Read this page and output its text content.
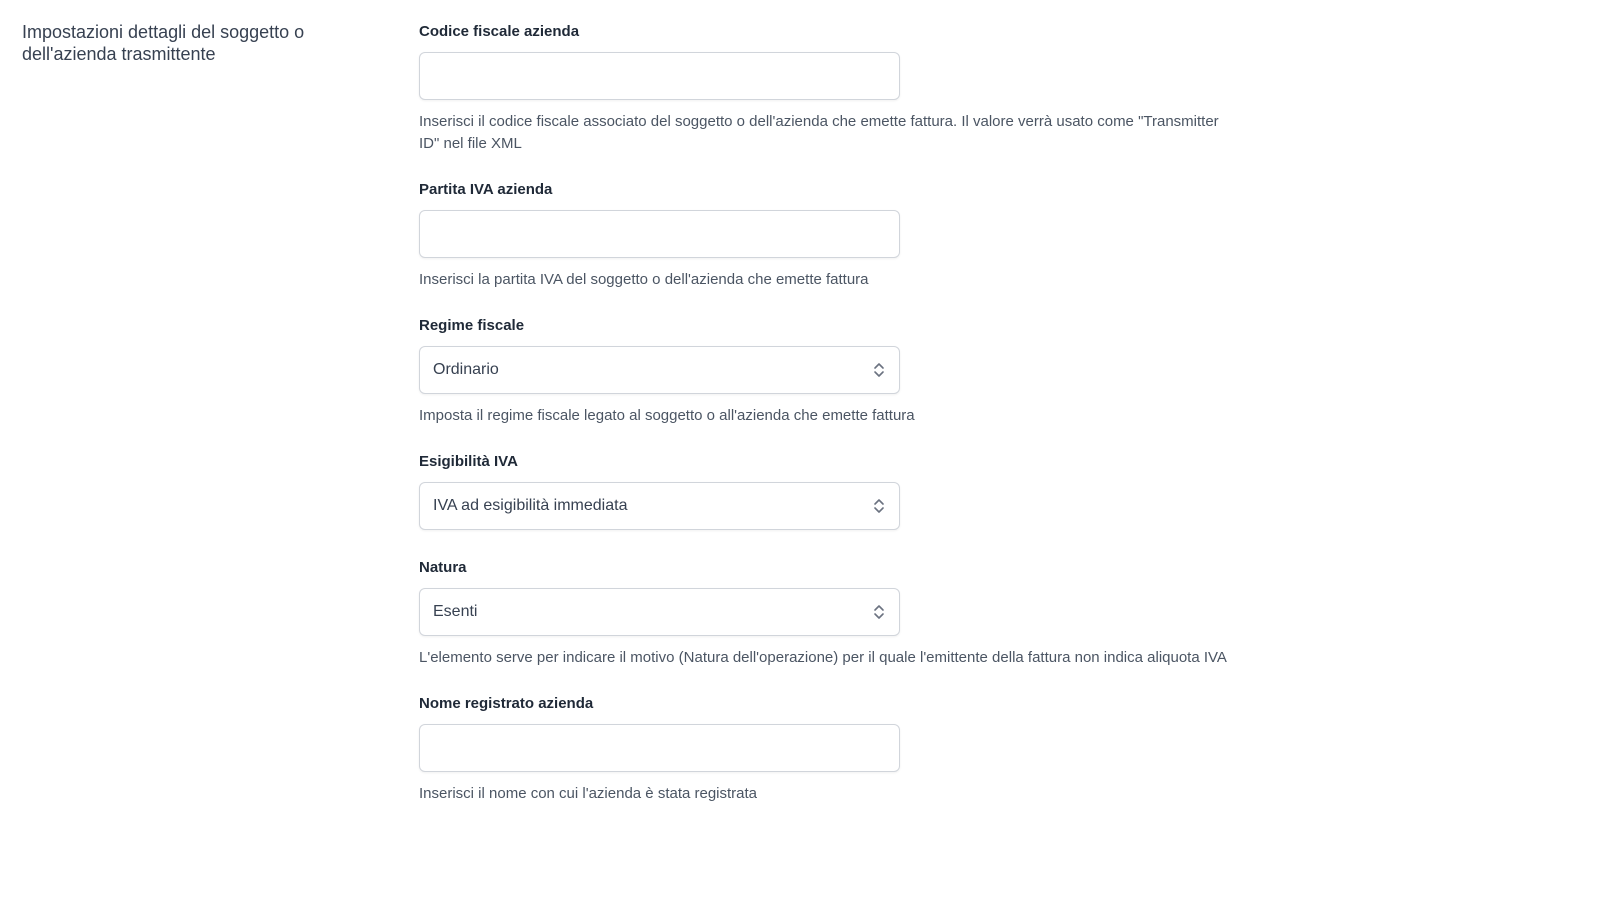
Impostazioni dettagli del soggetto o dell'azienda trasmittente
Codice fiscale azienda

Inserisci il codice fiscale associato del soggetto o dell'azienda che emette fattura. Il valore verrà usato come "Transmitter ID" nel file XML

Partita IVA azienda

Inserisci la partita IVA del soggetto o dell'azienda che emette fattura

Regime fiscale
Ordinario

Imposta il regime fiscale legato al soggetto o all'azienda che emette fattura

Esigibilità IVA
IVA ad esigibilità immediata
Natura
Esenti

L'elemento serve per indicare il motivo (Natura dell'operazione) per il quale l'emittente della fattura non indica aliquota IVA

Nome registrato azienda

Inserisci il nome con cui l'azienda è stata registrata
